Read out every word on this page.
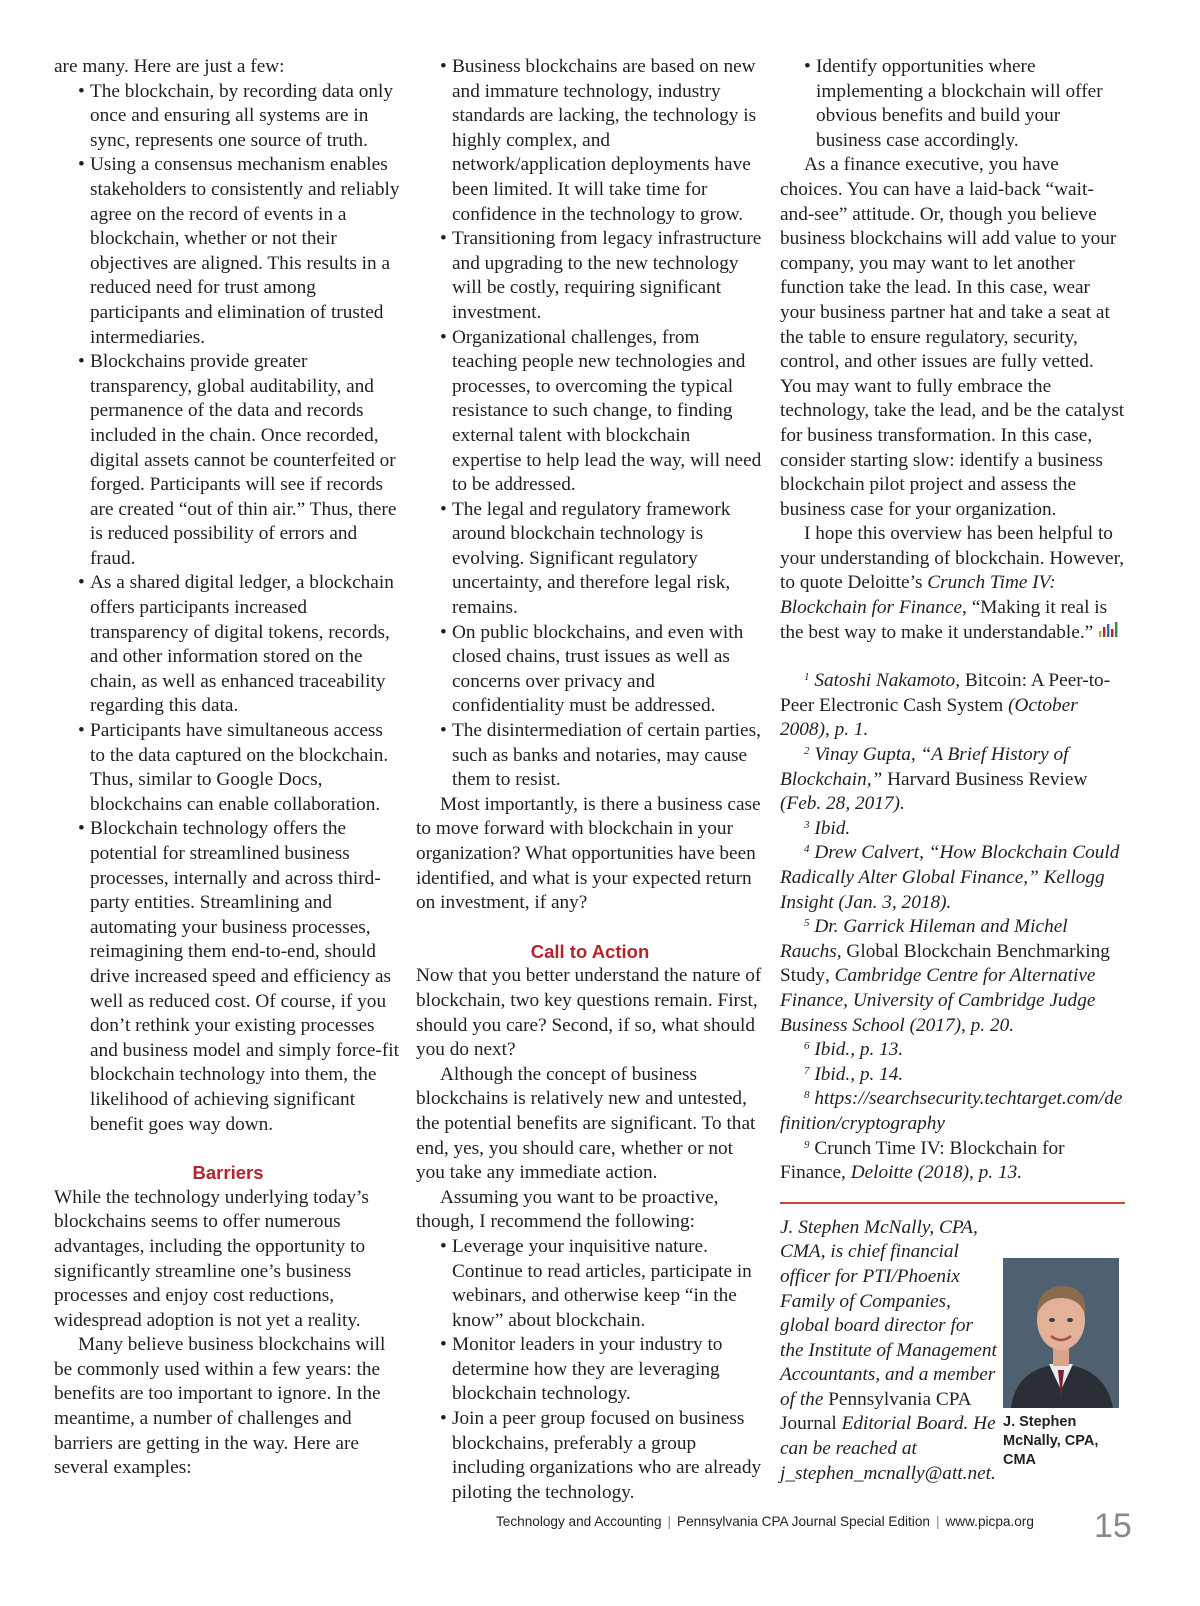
are many. Here are just a few:

• The blockchain, by recording data only once and ensuring all systems are in sync, represents one source of truth.
• Using a consensus mechanism enables stakeholders to consistently and reliably agree on the record of events in a blockchain, whether or not their objectives are aligned. This results in a reduced need for trust among participants and elimination of trusted intermediaries.
• Blockchains provide greater transparency, global auditability, and permanence of the data and records included in the chain. Once recorded, digital assets cannot be counterfeited or forged. Participants will see if records are created “out of thin air.” Thus, there is reduced possibility of errors and fraud.
• As a shared digital ledger, a blockchain offers participants increased transparency of digital tokens, records, and other information stored on the chain, as well as enhanced traceability regarding this data.
• Participants have simultaneous access to the data captured on the blockchain. Thus, similar to Google Docs, blockchains can enable collaboration.
• Blockchain technology offers the potential for streamlined business processes, internally and across third-party entities. Streamlining and automating your business processes, reimagining them end-to-end, should drive increased speed and efficiency as well as reduced cost. Of course, if you don’t rethink your existing processes and business model and simply force-fit blockchain technology into them, the likelihood of achieving significant benefit goes way down.
Barriers

While the technology underlying today’s blockchains seems to offer numerous advantages, including the opportunity to significantly streamline one’s business processes and enjoy cost reductions, widespread adoption is not yet a reality.

Many believe business blockchains will be commonly used within a few years: the benefits are too important to ignore. In the meantime, a number of challenges and barriers are getting in the way. Here are several examples:

• Business blockchains are based on new and immature technology, industry standards are lacking, the technology is highly complex, and network/application deployments have been limited. It will take time for confidence in the technology to grow.
• Transitioning from legacy infrastructure and upgrading to the new technology will be costly, requiring significant investment.
• Organizational challenges, from teaching people new technologies and processes, to overcoming the typical resistance to such change, to finding external talent with blockchain expertise to help lead the way, will need to be addressed.
• The legal and regulatory framework around blockchain technology is evolving. Significant regulatory uncertainty, and therefore legal risk, remains.
• On public blockchains, and even with closed chains, trust issues as well as concerns over privacy and confidentiality must be addressed.
• The disintermediation of certain parties, such as banks and notaries, may cause them to resist.

Most importantly, is there a business case to move forward with blockchain in your organization? What opportunities have been identified, and what is your expected return on investment, if any?

Call to Action

Now that you better understand the nature of blockchain, two key questions remain. First, should you care? Second, if so, what should you do next?

Although the concept of business blockchains is relatively new and untested, the potential benefits are significant. To that end, yes, you should care, whether or not you take any immediate action.

Assuming you want to be proactive, though, I recommend the following:

• Leverage your inquisitive nature. Continue to read articles, participate in webinars, and otherwise keep “in the know” about blockchain.
• Monitor leaders in your industry to determine how they are leveraging blockchain technology.
• Join a peer group focused on business blockchains, preferably a group including organizations who are already piloting the technology.
• Identify opportunities where implementing a blockchain will offer obvious benefits and build your business case accordingly.

As a finance executive, you have choices. You can have a laid-back “wait-and-see” attitude. Or, though you believe business blockchains will add value to your company, you may want to let another function take the lead. In this case, wear your business partner hat and take a seat at the table to ensure regulatory, security, control, and other issues are fully vetted. You may want to fully embrace the technology, take the lead, and be the catalyst for business transformation. In this case, consider starting slow: identify a business blockchain pilot project and assess the business case for your organization.

I hope this overview has been helpful to your understanding of blockchain. However, to quote Deloitte’s Crunch Time IV: Blockchain for Finance, “Making it real is the best way to make it understandable.”

$^1$ Satoshi Nakamoto, Bitcoin: A Peer-to-Peer Electronic Cash System (October 2008), p. 1.

$^2$ Vinay Gupta, “A Brief History of Blockchain,” Harvard Business Review (Feb. 28, 2017).

$^3$ Ibid.

$^4$ Drew Calvert, “How Blockchain Could Radically Alter Global Finance,” Kellogg Insight (Jan. 3, 2018).

$^5$ Dr. Garrick Hileman and Michel Rauchs, Global Blockchain Benchmarking Study, Cambridge Centre for Alternative Finance, University of Cambridge Judge Business School (2017), p. 20.

$^6$ Ibid., p. 13.

$^7$ Ibid., p. 14.

$^8$ https://searchsecurity.techtarget.com/definition/cryptography

$^9$ Crunch Time IV: Blockchain for Finance, Deloitte (2018), p. 13.

J. Stephen McNally, CPA, CMA, is chief financial officer for PTI/Phoenix Family of Companies, global board director for the Institute of Management Accountants, and a member of the Pennsylvania CPA Journal Editorial Board. He can be reached at j_stephen_mcnally@att.net.
J. Stephen McNally, CPA, CMA
Technology and Accounting | Pennsylvania CPA Journal Special Edition | www.picpa.org 15
